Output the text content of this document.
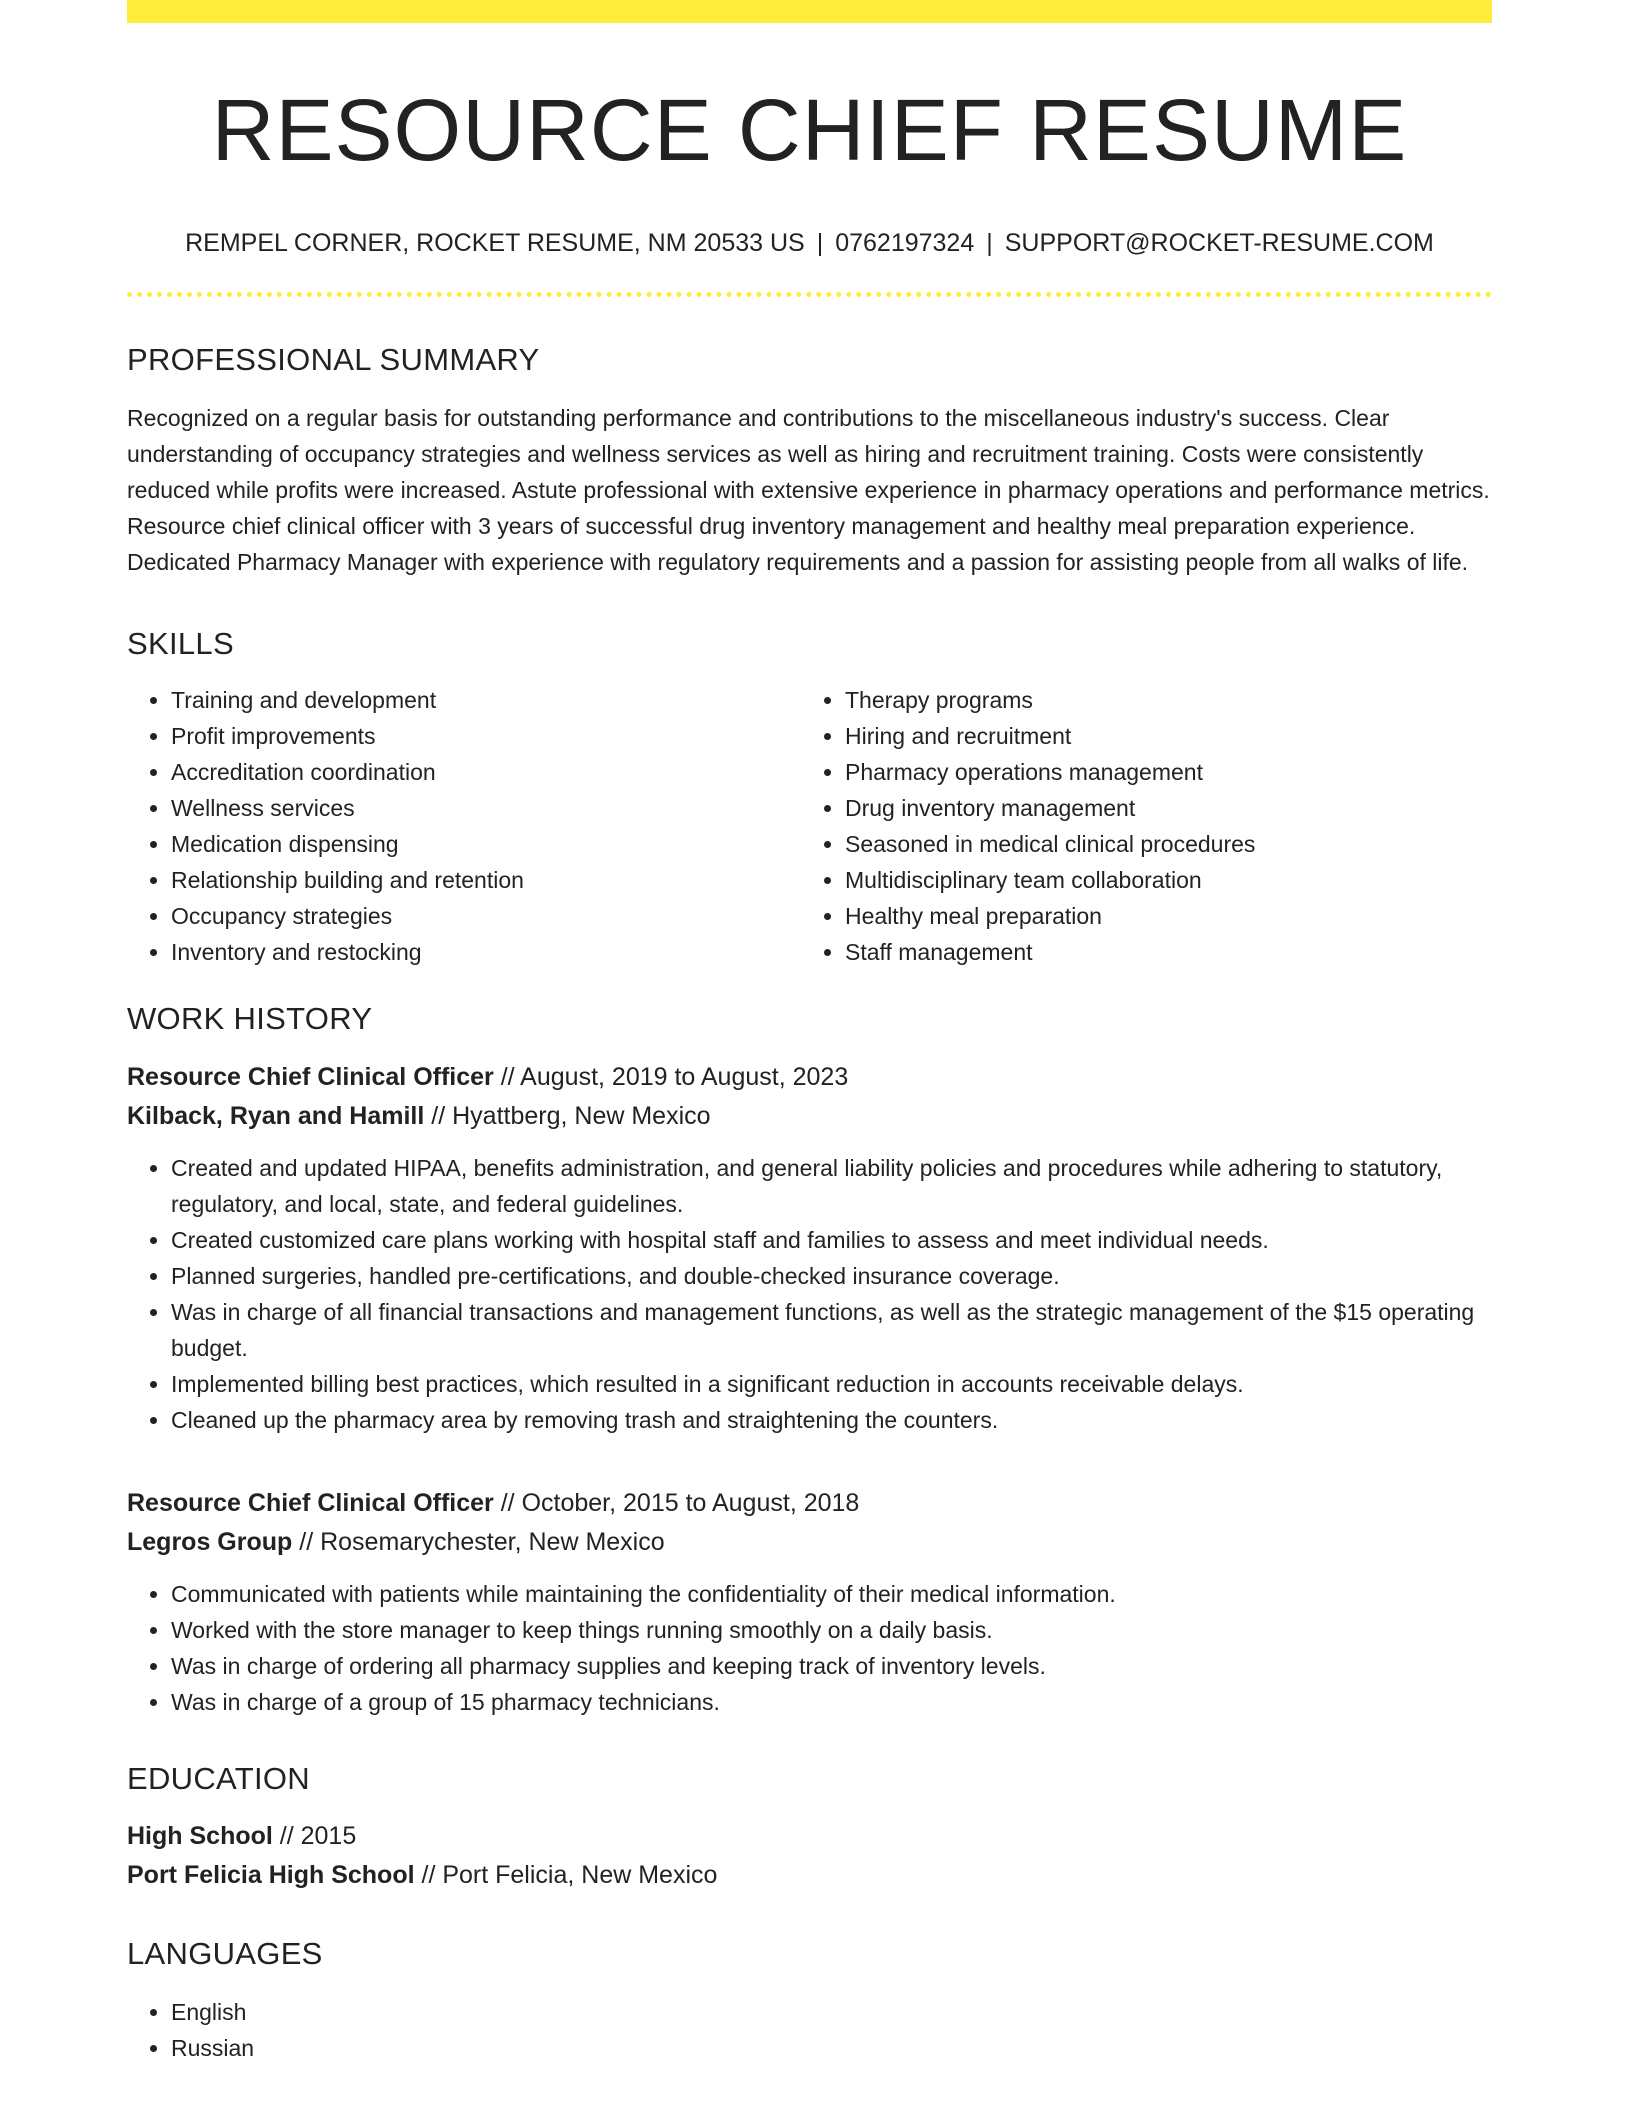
RESOURCE CHIEF RESUME
REMPEL CORNER, ROCKET RESUME, NM 20533 US | 0762197324 | SUPPORT@ROCKET-RESUME.COM
PROFESSIONAL SUMMARY

Recognized on a regular basis for outstanding performance and contributions to the miscellaneous industry's success. Clear understanding of occupancy strategies and wellness services as well as hiring and recruitment training. Costs were consistently reduced while profits were increased. Astute professional with extensive experience in pharmacy operations and performance metrics. Resource chief clinical officer with 3 years of successful drug inventory management and healthy meal preparation experience. Dedicated Pharmacy Manager with experience with regulatory requirements and a passion for assisting people from all walks of life.

SKILLS
• Training and development
• Profit improvements
• Accreditation coordination
• Wellness services
• Medication dispensing
• Relationship building and retention
• Occupancy strategies
• Inventory and restocking
• Therapy programs
• Hiring and recruitment
• Pharmacy operations management
• Drug inventory management
• Seasoned in medical clinical procedures
• Multidisciplinary team collaboration
• Healthy meal preparation
• Staff management
WORK HISTORY
Resource Chief Clinical Officer // August, 2019 to August, 2023
Kilback, Ryan and Hamill // Hyattberg, New Mexico
• Created and updated HIPAA, benefits administration, and general liability policies and procedures while adhering to statutory, regulatory, and local, state, and federal guidelines.
• Created customized care plans working with hospital staff and families to assess and meet individual needs.
• Planned surgeries, handled pre-certifications, and double-checked insurance coverage.
• Was in charge of all financial transactions and management functions, as well as the strategic management of the $15 operating budget.
• Implemented billing best practices, which resulted in a significant reduction in accounts receivable delays.
• Cleaned up the pharmacy area by removing trash and straightening the counters.
Resource Chief Clinical Officer // October, 2015 to August, 2018
Legros Group // Rosemarychester, New Mexico
• Communicated with patients while maintaining the confidentiality of their medical information.
• Worked with the store manager to keep things running smoothly on a daily basis.
• Was in charge of ordering all pharmacy supplies and keeping track of inventory levels.
• Was in charge of a group of 15 pharmacy technicians.
EDUCATION
High School // 2015
Port Felicia High School // Port Felicia, New Mexico
LANGUAGES
• English
• Russian
